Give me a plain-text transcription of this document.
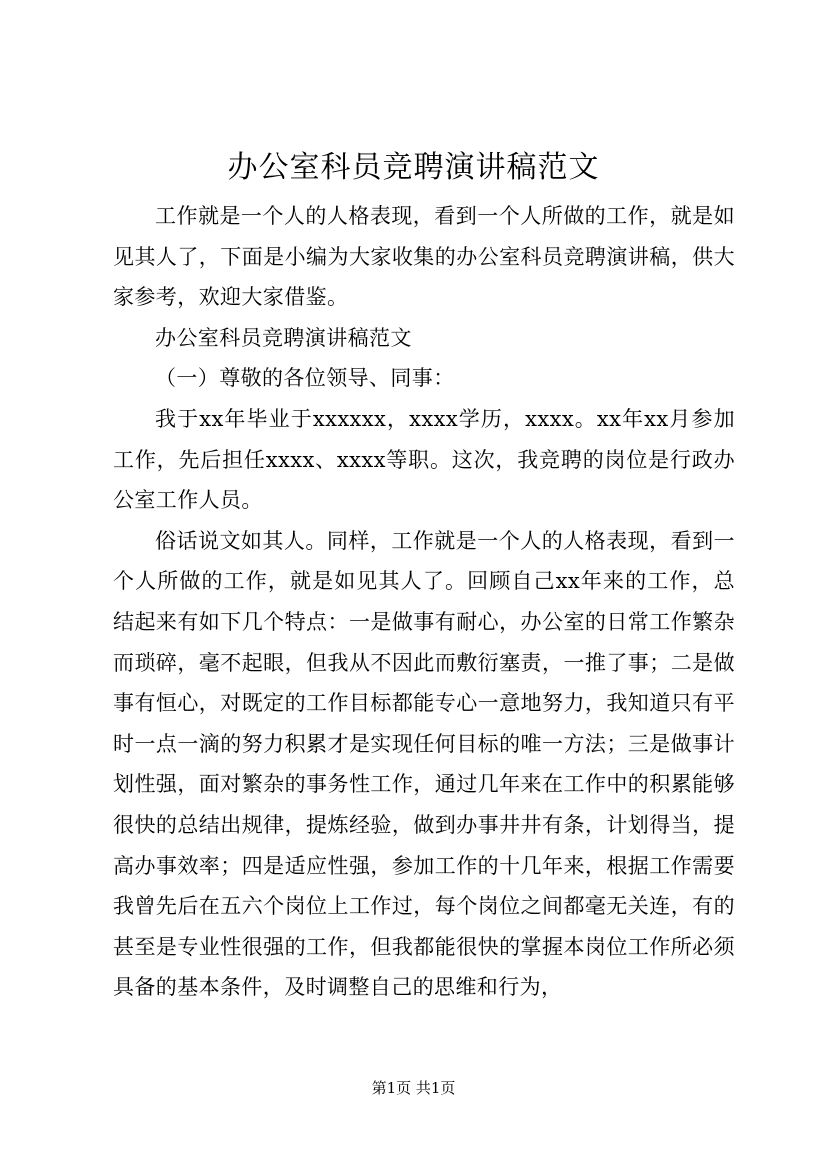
办公室科员竞聘演讲稿范文

工作就是一个人的人格表现，看到一个人所做的工作，就是如见其人了，下面是小编为大家收集的办公室科员竞聘演讲稿，供大家参考，欢迎大家借鉴。

办公室科员竞聘演讲稿范文

（一）尊敬的各位领导、同事：

我于xx年毕业于xxxxxx，xxxx学历，xxxx。xx年xx月参加工作，先后担任xxxx、xxxx等职。这次，我竞聘的岗位是行政办公室工作人员。

俗话说文如其人。同样，工作就是一个人的人格表现，看到一个人所做的工作，就是如见其人了。回顾自己xx年来的工作，总结起来有如下几个特点：一是做事有耐心，办公室的日常工作繁杂而琐碎，毫不起眼，但我从不因此而敷衍塞责，一推了事；二是做事有恒心，对既定的工作目标都能专心一意地努力，我知道只有平时一点一滴的努力积累才是实现任何目标的唯一方法；三是做事计划性强，面对繁杂的事务性工作，通过几年来在工作中的积累能够很快的总结出规律，提炼经验，做到办事井井有条，计划得当，提高办事效率；四是适应性强，参加工作的十几年来，根据工作需要我曾先后在五六个岗位上工作过，每个岗位之间都毫无关连，有的甚至是专业性很强的工作，但我都能很快的掌握本岗位工作所必须具备的基本条件，及时调整自己的思维和行为，

第1页 共1页
